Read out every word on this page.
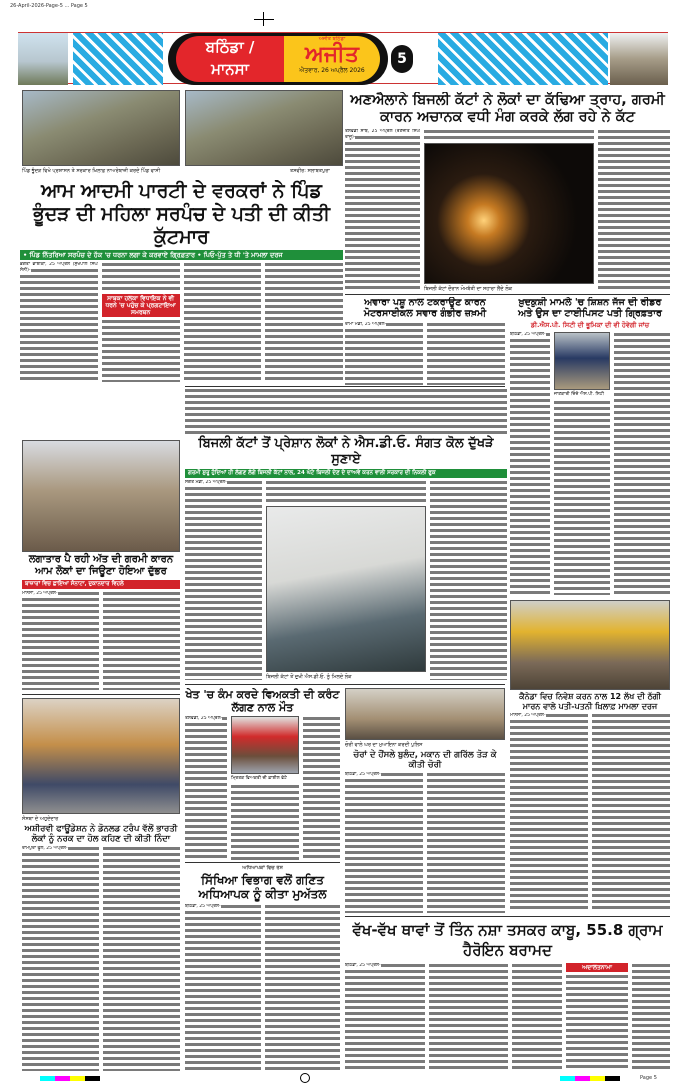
26-April-2026-Page-5 ... Page 5
ਬਠਿੰਡਾ /
ਮਾਨਸਾ
ਅਜੀਤ ਬਠਿੰਡਾ
ਅਜੀਤ
ਐਤਵਾਰ, 26 ਅਪ੍ਰੈਲ 2026
5
ਪਿੰਡ ਭੂੰਦੜ ਵਿਖੇ ਪ੍ਰਸ਼ਾਸਨ ਤੇ ਸਰਕਾਰ ਖ਼ਿਲਾਫ਼ ਨਾਅਰੇਬਾਜ਼ੀ ਕਰਦੇ ਪਿੰਡ ਵਾਸੀ	ਤਸਵੀਰ: ਸਲਾਬਤਪੁਰਾ
ਆਮ ਆਦਮੀ ਪਾਰਟੀ ਦੇ ਵਰਕਰਾਂ ਨੇ ਪਿੰਡ ਭੂੰਦੜ ਦੀ ਮਹਿਲਾ ਸਰਪੰਚ ਦੇ ਪਤੀ ਦੀ ਕੀਤੀ ਕੁੱਟਮਾਰ
• ਪਿੰਡ ਨਿੱਤਰਿਆ ਸਰਪੰਚ ਦੇ ਹੱਕ 'ਚ ਧਰਨਾ ਲਗਾ ਕੇ ਕਰਵਾਏ ਗ੍ਰਿਫ਼ਤਾਰ • ਪਿਓ-ਪੁੱਤ ਤੇ ਧੀ 'ਤੇ ਮਾਮਲਾ ਦਰਜ
ਭਗਤਾ ਭਾਈਕਾ, 25 ਅਪ੍ਰੈਲ (ਸੁਖਪਾਲ ਸਿੰਘ ਸੋਨੀ)-
ਸਾਬਕਾ ਹਲਕਾ ਵਿਧਾਇਕ ਨੇ ਵੀ ਧਰਨੇ 'ਚ ਪਹੁੰਚ ਕੇ ਪ੍ਰਗਟਾਇਆ ਸਮਰਥਨ
ਅਣਐਲਾਨੇ ਬਿਜਲੀ ਕੱਟਾਂ ਨੇ ਲੋਕਾਂ ਦਾ ਕੱਢਿਆ ਤ੍ਰਾਹ, ਗਰਮੀ ਕਾਰਨ ਅਚਾਨਕ ਵਧੀ ਮੰਗ ਕਰਕੇ ਲੱਗ ਰਹੇ ਨੇ ਕੱਟ
ਤਲਵੰਡੀ ਸਾਬੋ, 25 ਅਪ੍ਰੈਲ (ਰਣਜੀਤ ਸਿੰਘ ਰਾਜੂ)-
ਬਿਜਲੀ ਕੱਟਾਂ ਦੌਰਾਨ ਮੋਮਬੱਤੀ ਦਾ ਸਹਾਰਾ ਲੈਂਦੇ ਲੋਕ
ਅਵਾਰਾ ਪਸ਼ੂ ਨਾਲ ਟਕਰਾਉਣ ਕਾਰਨ ਮੋਟਰਸਾਈਕਲ ਸਵਾਰ ਗੰਭੀਰ ਜ਼ਖ਼ਮੀ
ਰਾਮਾਂ ਮੰਡੀ, 25 ਅਪ੍ਰੈਲ-
ਖ਼ੁਦਕੁਸ਼ੀ ਮਾਮਲੇ 'ਚ ਸ਼ਿਸ਼ਨ ਜੱਜ ਦੀ ਰੀਡਰ ਅਤੇ ਉਸ ਦਾ ਟਾਈਪਿਸਟ ਪਤੀ ਗ੍ਰਿਫ਼ਤਾਰ
ਡੀ.ਐਸ.ਪੀ. ਸਿਟੀ ਦੀ ਭੂਮਿਕਾ ਦੀ ਵੀ ਹੋਵੇਗੀ ਜਾਂਚ
ਬਠਿੰਡਾ, 25 ਅਪ੍ਰੈਲ-
ਜਾਣਕਾਰੀ ਦਿੰਦੇ ਐਸ.ਪੀ. ਸਿਟੀ
ਬਿਜਲੀ ਕੱਟਾਂ ਤੋਂ ਪ੍ਰੇਸ਼ਾਨ ਲੋਕਾਂ ਨੇ ਐਸ.ਡੀ.ਓ. ਸੰਗਤ ਕੋਲ ਦੁੱਖੜੇ ਸੁਣਾਏ
ਗਰਮੀ ਸ਼ੁਰੂ ਹੁੰਦਿਆਂ ਹੀ ਲੱਗਣ ਲੱਗੇ ਬਿਜਲੀ ਕੱਟਾਂ ਨਾਲ, 24 ਘੰਟੇ ਬਿਜਲੀ ਦੇਣ ਦੇ ਦਾਅਵੇ ਕਰਨ ਵਾਲੀ ਸਰਕਾਰ ਦੀ ਨਿਕਲੀ ਫੂਕ
ਸੰਗਤ ਮੰਡੀ, 25 ਅਪ੍ਰੈਲ-
ਬਿਜਲੀ ਕੱਟਾਂ ਤੋਂ ਦੁਖੀ ਐਸ.ਡੀ.ਓ. ਨੂੰ ਮਿਲਦੇ ਲੋਕ
ਲਗਾਤਾਰ ਪੈ ਰਹੀ ਅੱਤ ਦੀ ਗਰਮੀ ਕਾਰਨ ਆਮ ਲੋਕਾਂ ਦਾ ਜਿਊਣਾ ਹੋਇਆ ਦੁੱਭਰ
ਬਾਜ਼ਾਰਾਂ ਵਿਚ ਛਾਇਆ ਸੰਨਾਟਾ, ਦੁਕਾਨਦਾਰ ਵਿਹਲੇ
ਮਾਨਸਾ, 25 ਅਪ੍ਰੈਲ-
ਖੇਤ 'ਚ ਕੰਮ ਕਰਦੇ ਵਿਅਕਤੀ ਦੀ ਕਰੰਟ ਲੱਗਣ ਨਾਲ ਮੌਤ
ਤਲਵੰਡੀ, 25 ਅਪ੍ਰੈਲ-
ਮ੍ਰਿਤਕ ਵਿਅਕਤੀ ਦੀ ਫ਼ਾਈਲ ਫੋਟੋ
ਚੋਰੀ ਵਾਲੇ ਘਰ ਦਾ ਮੁਆਇਨਾ ਕਰਦੀ ਪੁਲਿਸ
ਚੋਰਾਂ ਦੇ ਹੌਂਸਲੇ ਬੁਲੰਦ, ਮਕਾਨ ਦੀ ਗਰਿੱਲ ਤੋੜ ਕੇ ਕੀਤੀ ਚੋਰੀ
ਬਠਿੰਡਾ, 25 ਅਪ੍ਰੈਲ-
ਕੈਨੇਡਾ ਵਿਚ ਨਿਵੇਸ਼ ਕਰਨ ਨਾਲ 12 ਲੱਖ ਦੀ ਠੱਗੀ ਮਾਰਨ ਵਾਲੇ ਪਤੀ-ਪਤਨੀ ਖ਼ਿਲਾਫ਼ ਮਾਮਲਾ ਦਰਜ
ਮਾਨਸਾ, 25 ਅਪ੍ਰੈਲ-
ਸੰਸਥਾ ਦੇ ਅਹੁਦੇਦਾਰ
ਅਸ਼ੀਰਵੀ ਫਾਊਂਡੇਸ਼ਨ ਨੇ ਡੋਨਲਡ ਟਰੰਪ ਵੱਲੋਂ ਭਾਰਤੀ ਲੋਕਾਂ ਨੂੰ ਨਰਕ ਦਾ ਹੋਲ ਕਹਿਣ ਦੀ ਕੀਤੀ ਨਿੰਦਾ
ਰਾਮਪੁਰਾ ਫੂਲ, 25 ਅਪ੍ਰੈਲ-
ਅਧਿਆਪਕਾਂ ਵਿਚ ਰੋਸ
ਸਿੱਖਿਆ ਵਿਭਾਗ ਵਲੋਂ ਗਣਿਤ ਅਧਿਆਪਕ ਨੂੰ ਕੀਤਾ ਮੁਅੱਤਲ
ਬਠਿੰਡਾ, 25 ਅਪ੍ਰੈਲ-
ਵੱਖ-ਵੱਖ ਥਾਵਾਂ ਤੋਂ ਤਿੰਨ ਨਸ਼ਾ ਤਸਕਰ ਕਾਬੂ, 55.8 ਗ੍ਰਾਮ ਹੈਰੋਇਨ ਬਰਾਮਦ
ਬਠਿੰਡਾ, 25 ਅਪ੍ਰੈਲ-	ਅਦਾਲਤਨਾਮਾ
Page 5
